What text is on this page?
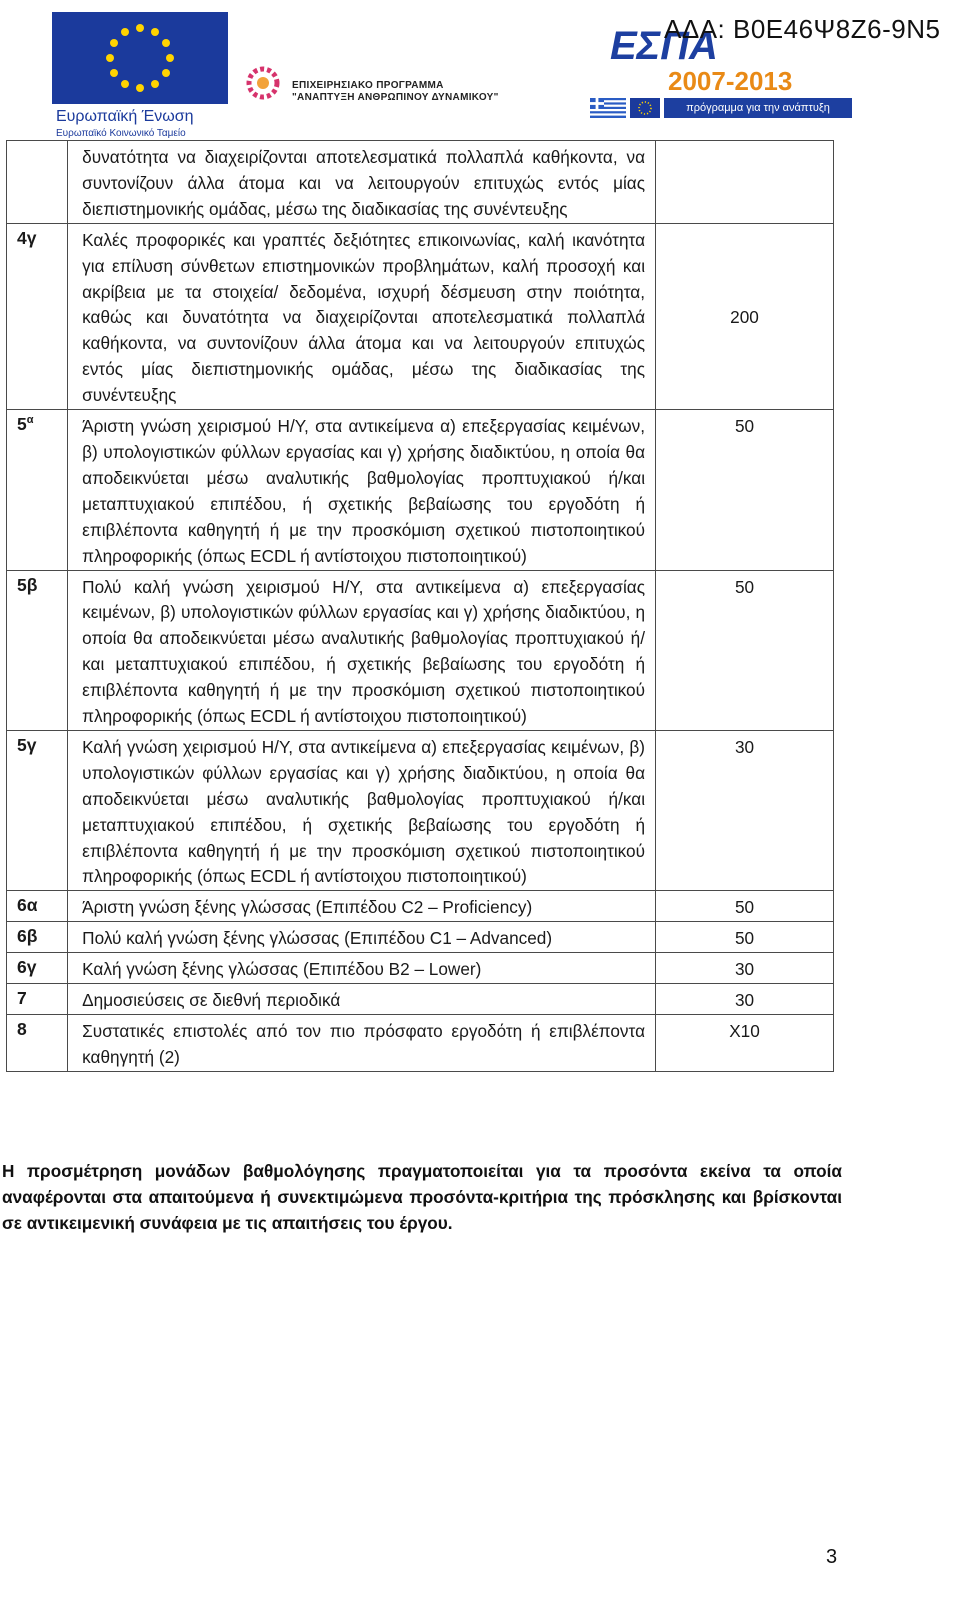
Ευρωπαϊκή Ένωση
Ευρωπαϊκό Κοινωνικό Ταμείο
ΕΠΙΧΕΙΡΗΣΙΑΚΟ ΠΡΟΓΡΑΜΜΑ
"ΑΝΑΠΤΥΞΗ ΑΝΘΡΩΠΙΝΟΥ ΔΥΝΑΜΙΚΟΥ"
ΕΣΠΑ
2007-2013
πρόγραμμα για την ανάπτυξη
ΑΔΑ: Β0Ε46Ψ8Ζ6-9Ν5
	δυνατότητα να διαχειρίζονται αποτελεσματικά πολλαπλά καθήκοντα, να συντονίζουν άλλα άτομα και να λειτουργούν επιτυχώς εντός μίας διεπιστημονικής ομάδας, μέσω της διαδικασίας της συνέντευξης	
4γ	Καλές προφορικές και γραπτές δεξιότητες επικοινωνίας, καλή ικανότητα για επίλυση σύνθετων επιστημονικών προβλημάτων, καλή προσοχή και ακρίβεια με τα στοιχεία/ δεδομένα, ισχυρή δέσμευση στην ποιότητα, καθώς και δυνατότητα να διαχειρίζονται αποτελεσματικά πολλαπλά καθήκοντα, να συντονίζουν άλλα άτομα και να λειτουργούν επιτυχώς εντός μίας διεπιστημονικής ομάδας, μέσω της διαδικασίας της συνέντευξης	200
$5^\alpha$	Άριστη γνώση χειρισμού Η/Υ, στα αντικείμενα α) επεξεργασίας κειμένων, β) υπολογιστικών φύλλων εργασίας και γ) χρήσης διαδικτύου, η οποία θα αποδεικνύεται μέσω αναλυτικής βαθμολογίας προπτυχιακού ή/και μεταπτυχιακού επιπέδου, ή σχετικής βεβαίωσης του εργοδότη ή επιβλέποντα καθηγητή ή με την προσκόμιση σχετικού πιστοποιητικού πληροφορικής (όπως ECDL ή αντίστοιχου πιστοποιητικού)	50
5β	Πολύ καλή γνώση χειρισμού Η/Υ, στα αντικείμενα α) επεξεργασίας κειμένων, β) υπολογιστικών φύλλων εργασίας και γ) χρήσης διαδικτύου, η οποία θα αποδεικνύεται μέσω αναλυτικής βαθμολογίας προπτυχιακού ή/και μεταπτυχιακού επιπέδου, ή σχετικής βεβαίωσης του εργοδότη ή επιβλέποντα καθηγητή ή με την προσκόμιση σχετικού πιστοποιητικού πληροφορικής (όπως ECDL ή αντίστοιχου πιστοποιητικού)	50
5γ	Καλή γνώση χειρισμού Η/Υ, στα αντικείμενα α) επεξεργασίας κειμένων, β) υπολογιστικών φύλλων εργασίας και γ) χρήσης διαδικτύου, η οποία θα αποδεικνύεται μέσω αναλυτικής βαθμολογίας προπτυχιακού ή/και μεταπτυχιακού επιπέδου, ή σχετικής βεβαίωσης του εργοδότη ή επιβλέποντα καθηγητή ή με την προσκόμιση σχετικού πιστοποιητικού πληροφορικής (όπως ECDL ή αντίστοιχου πιστοποιητικού)	30
6α	Άριστη γνώση ξένης γλώσσας (Επιπέδου C2 – Proficiency)	50
6β	Πολύ καλή γνώση ξένης γλώσσας (Επιπέδου C1 – Advanced)	50
6γ	Καλή γνώση ξένης γλώσσας (Επιπέδου B2 – Lower)	30
7	Δημοσιεύσεις σε διεθνή περιοδικά	30
8	Συστατικές επιστολές από τον πιο πρόσφατο εργοδότη ή επιβλέποντα καθηγητή (2)	Χ10
Η προσμέτρηση μονάδων βαθμολόγησης πραγματοποιείται για τα προσόντα εκείνα τα οποία αναφέρονται στα απαιτούμενα ή συνεκτιμώμενα προσόντα-κριτήρια της πρόσκλησης και βρίσκονται σε αντικειμενική συνάφεια με τις απαιτήσεις του έργου.
3
